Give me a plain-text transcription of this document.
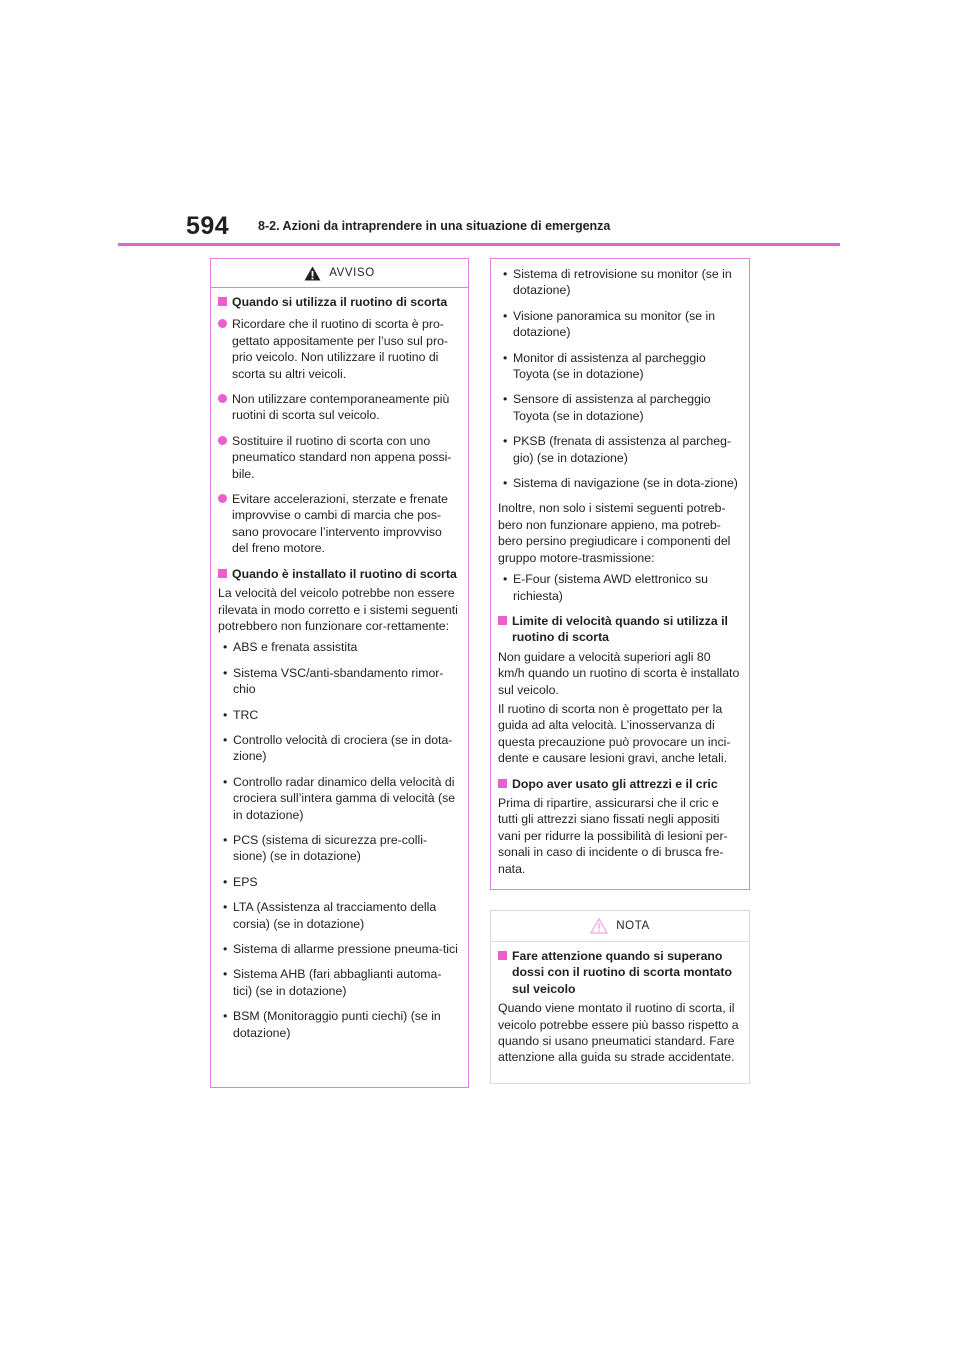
594 8-2. Azioni da intraprendere in una situazione di emergenza
AVVISO
Quando si utilizza il ruotino di scorta
Ricordare che il ruotino di scorta è pro-gettato appositamente per l’uso sul pro-prio veicolo. Non utilizzare il ruotino di scorta su altri veicoli.
Non utilizzare contemporaneamente più ruotini di scorta sul veicolo.
Sostituire il ruotino di scorta con uno pneumatico standard non appena possi-bile.
Evitare accelerazioni, sterzate e frenate improvvise o cambi di marcia che pos-sano provocare l’intervento improvviso del freno motore.
Quando è installato il ruotino di scorta
La velocità del veicolo potrebbe non essere rilevata in modo corretto e i sistemi seguenti potrebbero non funzionare cor-rettamente:
• ABS e frenata assistita
• Sistema VSC/anti-sbandamento rimor-chio
• TRC
• Controllo velocità di crociera (se in dota-zione)
• Controllo radar dinamico della velocità di crociera sull’intera gamma di velocità (se in dotazione)
• PCS (sistema di sicurezza pre-colli-sione) (se in dotazione)
• EPS
• LTA (Assistenza al tracciamento della corsia) (se in dotazione)
• Sistema di allarme pressione pneuma-tici
• Sistema AHB (fari abbaglianti automa-tici) (se in dotazione)
• BSM (Monitoraggio punti ciechi) (se in dotazione)
• Sistema di retrovisione su monitor (se in dotazione)
• Visione panoramica su monitor (se in dotazione)
• Monitor di assistenza al parcheggio Toyota (se in dotazione)
• Sensore di assistenza al parcheggio Toyota (se in dotazione)
• PKSB (frenata di assistenza al parcheg-gio) (se in dotazione)
• Sistema di navigazione (se in dota-zione)
Inoltre, non solo i sistemi seguenti potreb-bero non funzionare appieno, ma potreb-bero persino pregiudicare i componenti del gruppo motore-trasmissione:
• E-Four (sistema AWD elettronico su richiesta)
Limite di velocità quando si utilizza il ruotino di scorta
Non guidare a velocità superiori agli 80 km/h quando un ruotino di scorta è installato sul veicolo.
Il ruotino di scorta non è progettato per la guida ad alta velocità. L’inosservanza di questa precauzione può provocare un inci-dente e causare lesioni gravi, anche letali.
Dopo aver usato gli attrezzi e il cric
Prima di ripartire, assicurarsi che il cric e tutti gli attrezzi siano fissati negli appositi vani per ridurre la possibilità di lesioni per-sonali in caso di incidente o di brusca fre-nata.
NOTA
Fare attenzione quando si superano dossi con il ruotino di scorta montato sul veicolo
Quando viene montato il ruotino di scorta, il veicolo potrebbe essere più basso rispetto a quando si usano pneumatici standard. Fare attenzione alla guida su strade accidentate.
